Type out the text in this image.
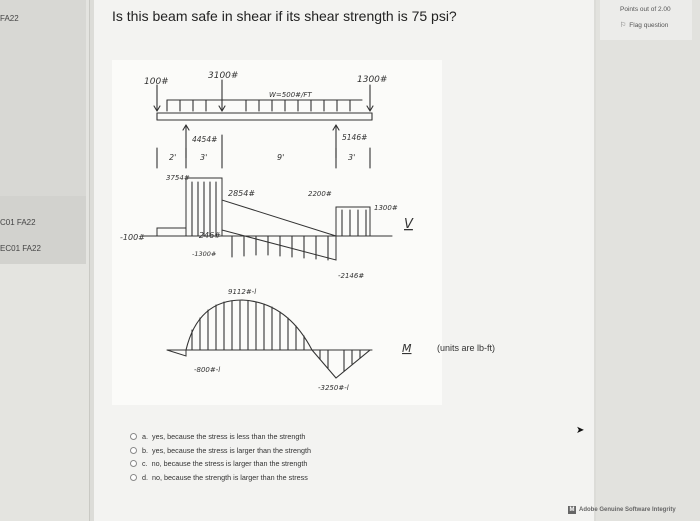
FA22
C01 FA22
EC01 FA22
Is this beam safe in shear if its shear strength is 75 psi?	Points out of 2.00
⚐ Flag question
100#
3100#	1300#
W=500#/FT
4454#	5146#
2'	3'	9'	3'
3754#
2854#	2200#
1300#
-100#	-246#
-2146#
-1300#
V
9112#-l
-800#-l
-3250#-l
M	(units are lb-ft)
a. yes, because the stress is less than the strength
b. yes, because the stress is larger than the strength
c. no, because the stress is larger than the strength
d. no, because the strength is larger than the stress
➤
M Adobe Genuine Software Integrity
